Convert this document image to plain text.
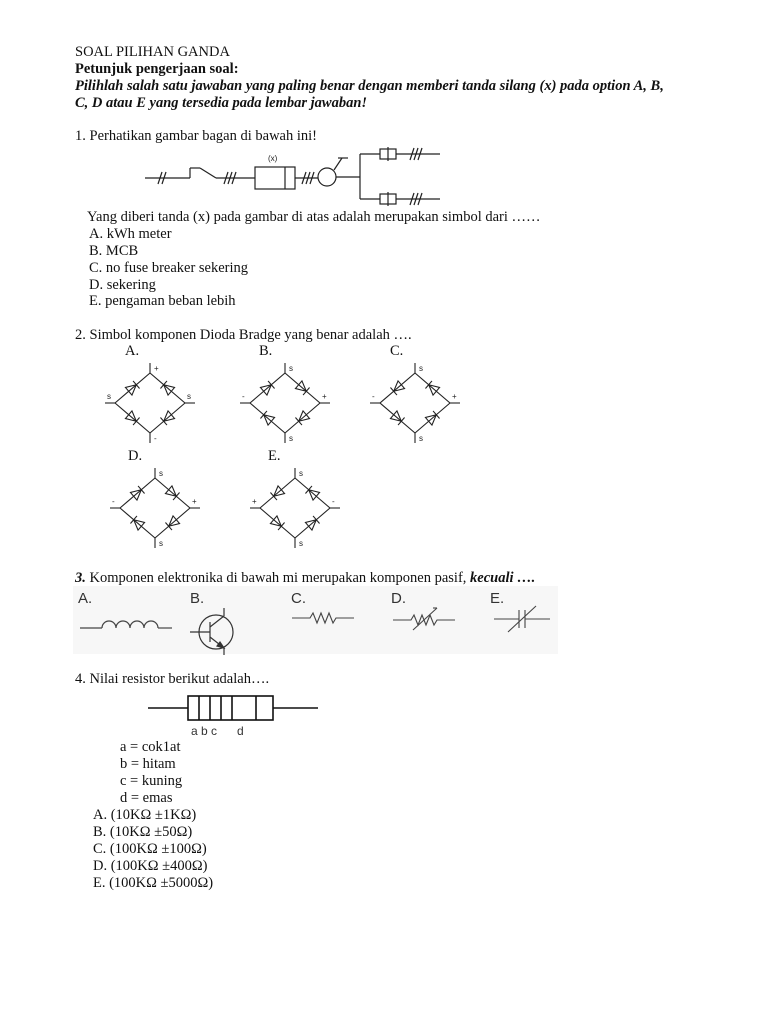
SOAL PILIHAN GANDA
Petunjuk pengerjaan soal:
Pilihlah salah satu jawaban yang paling benar dengan memberi tanda silang (x) pada option A, B,
C, D atau E yang tersedia pada lembar jawaban!
1. Perhatikan gambar bagan di bawah ini!
(x)
Yang diberi tanda (x) pada gambar di atas adalah merupakan simbol dari ……
A. kWh meter
B. MCB
C. no fuse breaker sekering
D. sekering
E. pengaman beban lebih
2. Simbol komponen Dioda Bradge yang benar adalah ….
A.	B.	C.
D.	E.
+
-
s	s
s
s
-	+
s
s
-	+
s
s
-	+
s
s
+	-
3. Komponen elektronika di bawah mi merupakan komponen pasif, kecuali ….
A.	B.	C.	D.	E.
4. Nilai resistor berikut adalah….
a b c      d
a = cok1at
b = hitam
c = kuning
d = emas
A. (10KΩ ±1KΩ)
B. (10KΩ ±50Ω)
C. (100KΩ ±100Ω)
D. (100KΩ ±400Ω)
E. (100KΩ ±5000Ω)
